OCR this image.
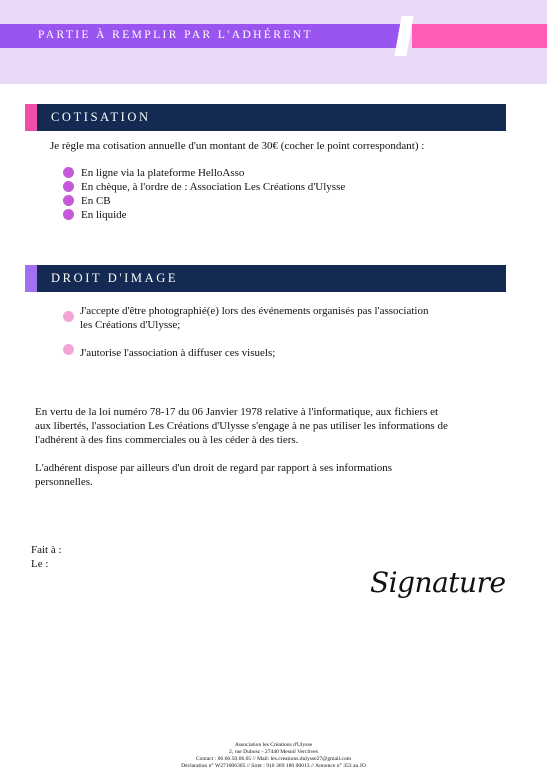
PARTIE À REMPLIR PAR L'ADHÉRENT
COTISATION
Je règle ma cotisation annuelle d'un montant de 30€ (cocher le point correspondant) :
En ligne via la plateforme HelloAsso
En chèque, à l'ordre de : Association Les Créations d'Ulysse
En CB
En liquide
DROIT D'IMAGE
J'accepte d'être photographié(e) lors des événements organisés pas l'association
les Créations d'Ulysse;
J'autorise l'association à diffuser ces visuels;
En vertu de la loi numéro 78-17 du 06 Janvier 1978 relative à l'informatique, aux fichiers et
aux libertés, l'association Les Créations d'Ulysse s'engage à ne pas utiliser les informations de
l'adhérent à des fins commerciales ou à les céder à des tiers.
L'adhérent dispose par ailleurs d'un droit de regard par rapport à ses informations
personnelles.
Fait à :
Le :
Signature
Association les Créations d'Ulysse
2, rue Dubosc - 27440 Mesnil Verclives
Contact : 06.66.50.66.05 // Mail: les.creations.dulysse27@gmail.com
Déclaration n° W271006305 // Siret : 910 369 180 00013 // Annonce n° 353 au JO
